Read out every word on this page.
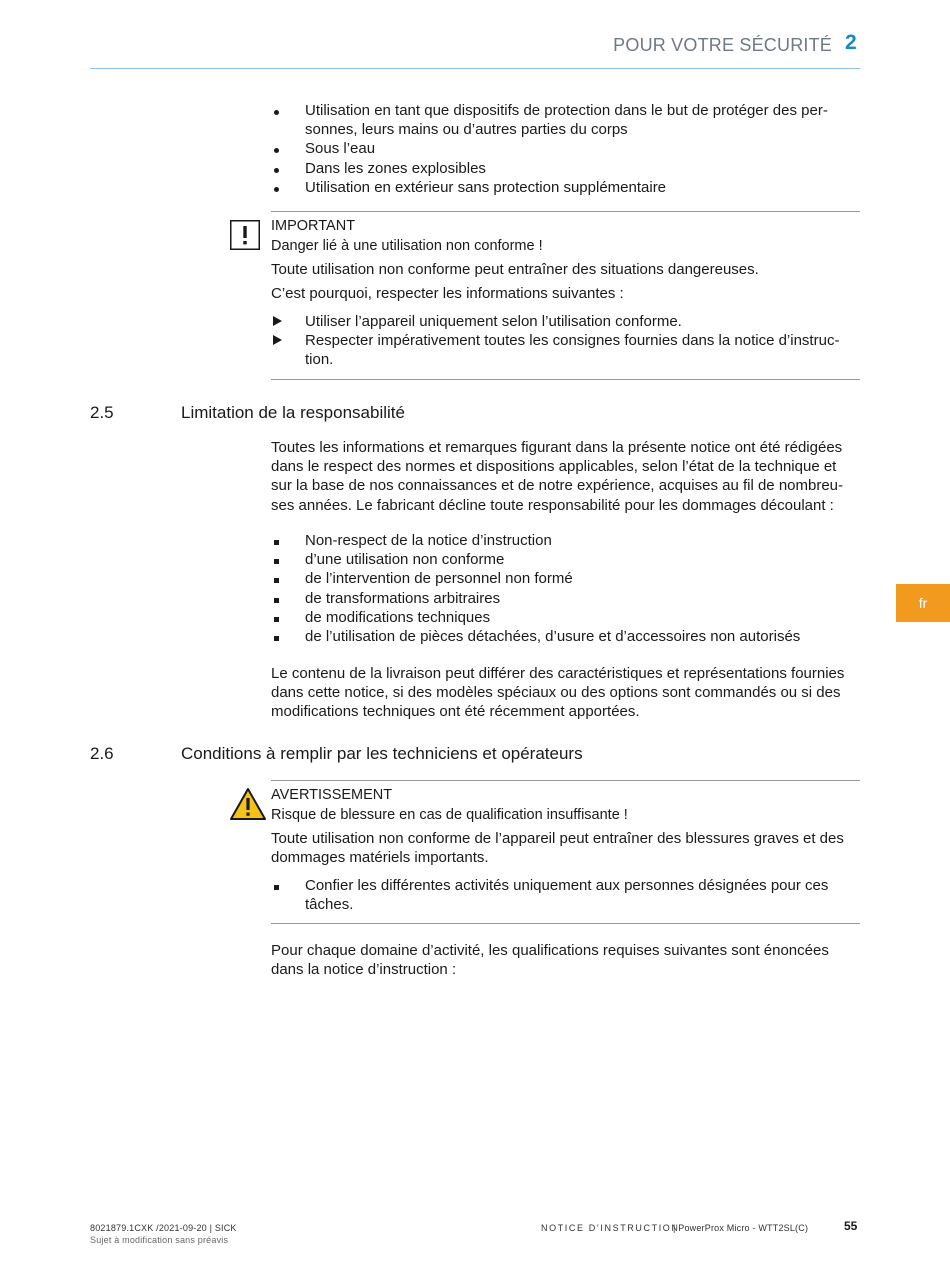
POUR VOTRE SÉCURITÉ 2
fr
Utilisation en tant que dispositifs de protection dans le but de protéger des per-
sonnes, leurs mains ou d’autres parties du corps
Sous l’eau
Dans les zones explosibles
Utilisation en extérieur sans protection supplémentaire
IMPORTANT
Danger lié à une utilisation non conforme !
Toute utilisation non conforme peut entraîner des situations dangereuses.
C’est pourquoi, respecter les informations suivantes :
Utiliser l’appareil uniquement selon l’utilisation conforme.
Respecter impérativement toutes les consignes fournies dans la notice d’instruc-
tion.
2.5	Limitation de la responsabilité
Toutes les informations et remarques figurant dans la présente notice ont été rédigées
dans le respect des normes et dispositions applicables, selon l’état de la technique et
sur la base de nos connaissances et de notre expérience, acquises au fil de nombreu-
ses années. Le fabricant décline toute responsabilité pour les dommages découlant :
Non-respect de la notice d’instruction
d’une utilisation non conforme
de l’intervention de personnel non formé
de transformations arbitraires
de modifications techniques
de l’utilisation de pièces détachées, d’usure et d’accessoires non autorisés
Le contenu de la livraison peut différer des caractéristiques et représentations fournies
dans cette notice, si des modèles spéciaux ou des options sont commandés ou si des
modifications techniques ont été récemment apportées.
2.6	Conditions à remplir par les techniciens et opérateurs
AVERTISSEMENT
Risque de blessure en cas de qualification insuffisante !
Toute utilisation non conforme de l’appareil peut entraîner des blessures graves et des
dommages matériels importants.
Confier les différentes activités uniquement aux personnes désignées pour ces
tâches.
Pour chaque domaine d’activité, les qualifications requises suivantes sont énoncées
dans la notice d’instruction :
8021879.1CXK /2021-09-20 | SICK
Sujet à modification sans préavis
NOTICE D’INSTRUCTION
| PowerProx Micro - WTT2SL(C)	55
